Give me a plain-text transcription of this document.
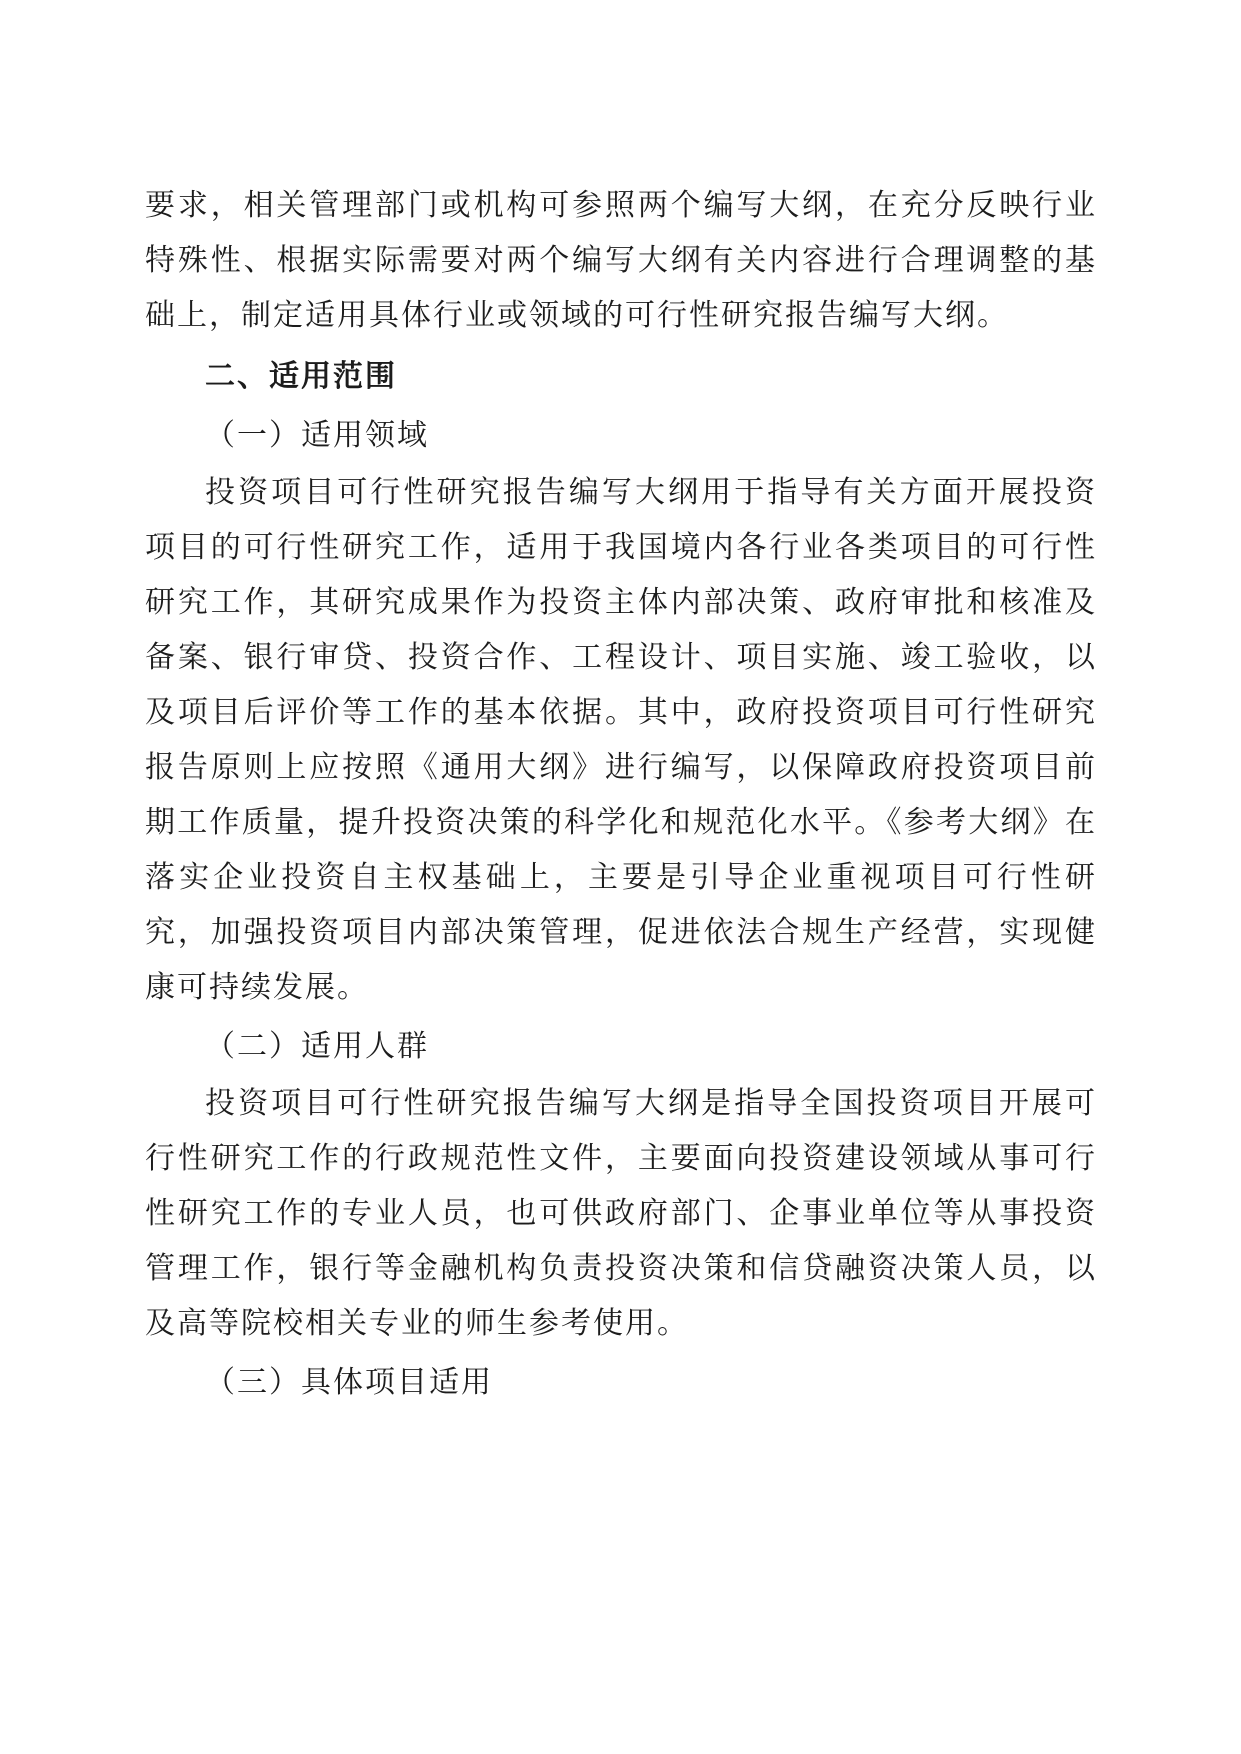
要求，相关管理部门或机构可参照两个编写大纲，在充分反映行业特殊性、根据实际需要对两个编写大纲有关内容进行合理调整的基础上，制定适用具体行业或领域的可行性研究报告编写大纲。

二、适用范围

（一）适用领域

投资项目可行性研究报告编写大纲用于指导有关方面开展投资项目的可行性研究工作，适用于我国境内各行业各类项目的可行性研究工作，其研究成果作为投资主体内部决策、政府审批和核准及备案、银行审贷、投资合作、工程设计、项目实施、竣工验收，以及项目后评价等工作的基本依据。其中，政府投资项目可行性研究报告原则上应按照《通用大纲》进行编写，以保障政府投资项目前期工作质量，提升投资决策的科学化和规范化水平。《参考大纲》在落实企业投资自主权基础上，主要是引导企业重视项目可行性研究，加强投资项目内部决策管理，促进依法合规生产经营，实现健康可持续发展。

（二）适用人群

投资项目可行性研究报告编写大纲是指导全国投资项目开展可行性研究工作的行政规范性文件，主要面向投资建设领域从事可行性研究工作的专业人员，也可供政府部门、企事业单位等从事投资管理工作，银行等金融机构负责投资决策和信贷融资决策人员，以及高等院校相关专业的师生参考使用。

（三）具体项目适用
